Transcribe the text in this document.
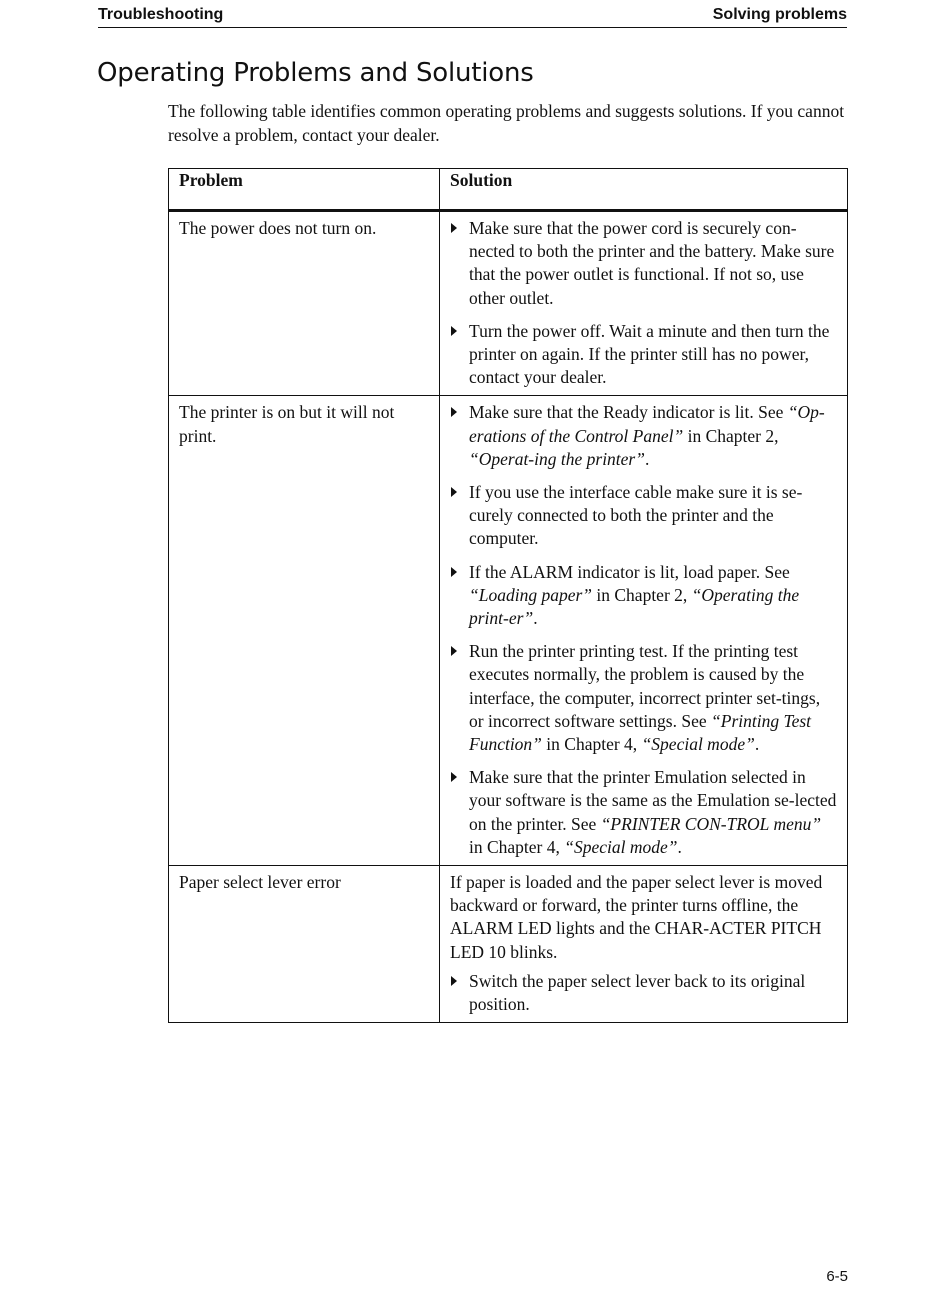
Troubleshooting	Solving problems
Operating Problems and Solutions

The following table identifies common operating problems and suggests solutions. If you cannot resolve a problem, contact your dealer.

Problem	Solution
The power does not turn on.	Make sure that the power cord is securely con-nected to both the printer and the battery. Make sure that the power outlet is functional. If not so, use other outlet.
Turn the power off. Wait a minute and then turn the printer on again. If the printer still has no power, contact your dealer.

The printer is on but it will not print.	Make sure that the Ready indicator is lit. See “Op-erations of the Control Panel” in Chapter 2, “Operat-ing the printer”.
If you use the interface cable make sure it is se-curely connected to both the printer and the computer.
If the ALARM indicator is lit, load paper. See “Loading paper” in Chapter 2, “Operating the print-er”.
Run the printer printing test. If the printing test executes normally, the problem is caused by the interface, the computer, incorrect printer set-tings, or incorrect software settings. See “Printing Test Function” in Chapter 4, “Special mode”.
Make sure that the printer Emulation selected in your software is the same as the Emulation se-lected on the printer. See “PRINTER CON-TROL menu” in Chapter 4, “Special mode”.

Paper select lever error	If paper is loaded and the paper select lever is moved backward or forward, the printer turns offline, the ALARM LED lights and the CHAR-ACTER PITCH LED 10 blinks.

Switch the paper select lever back to its original position.
6-5
